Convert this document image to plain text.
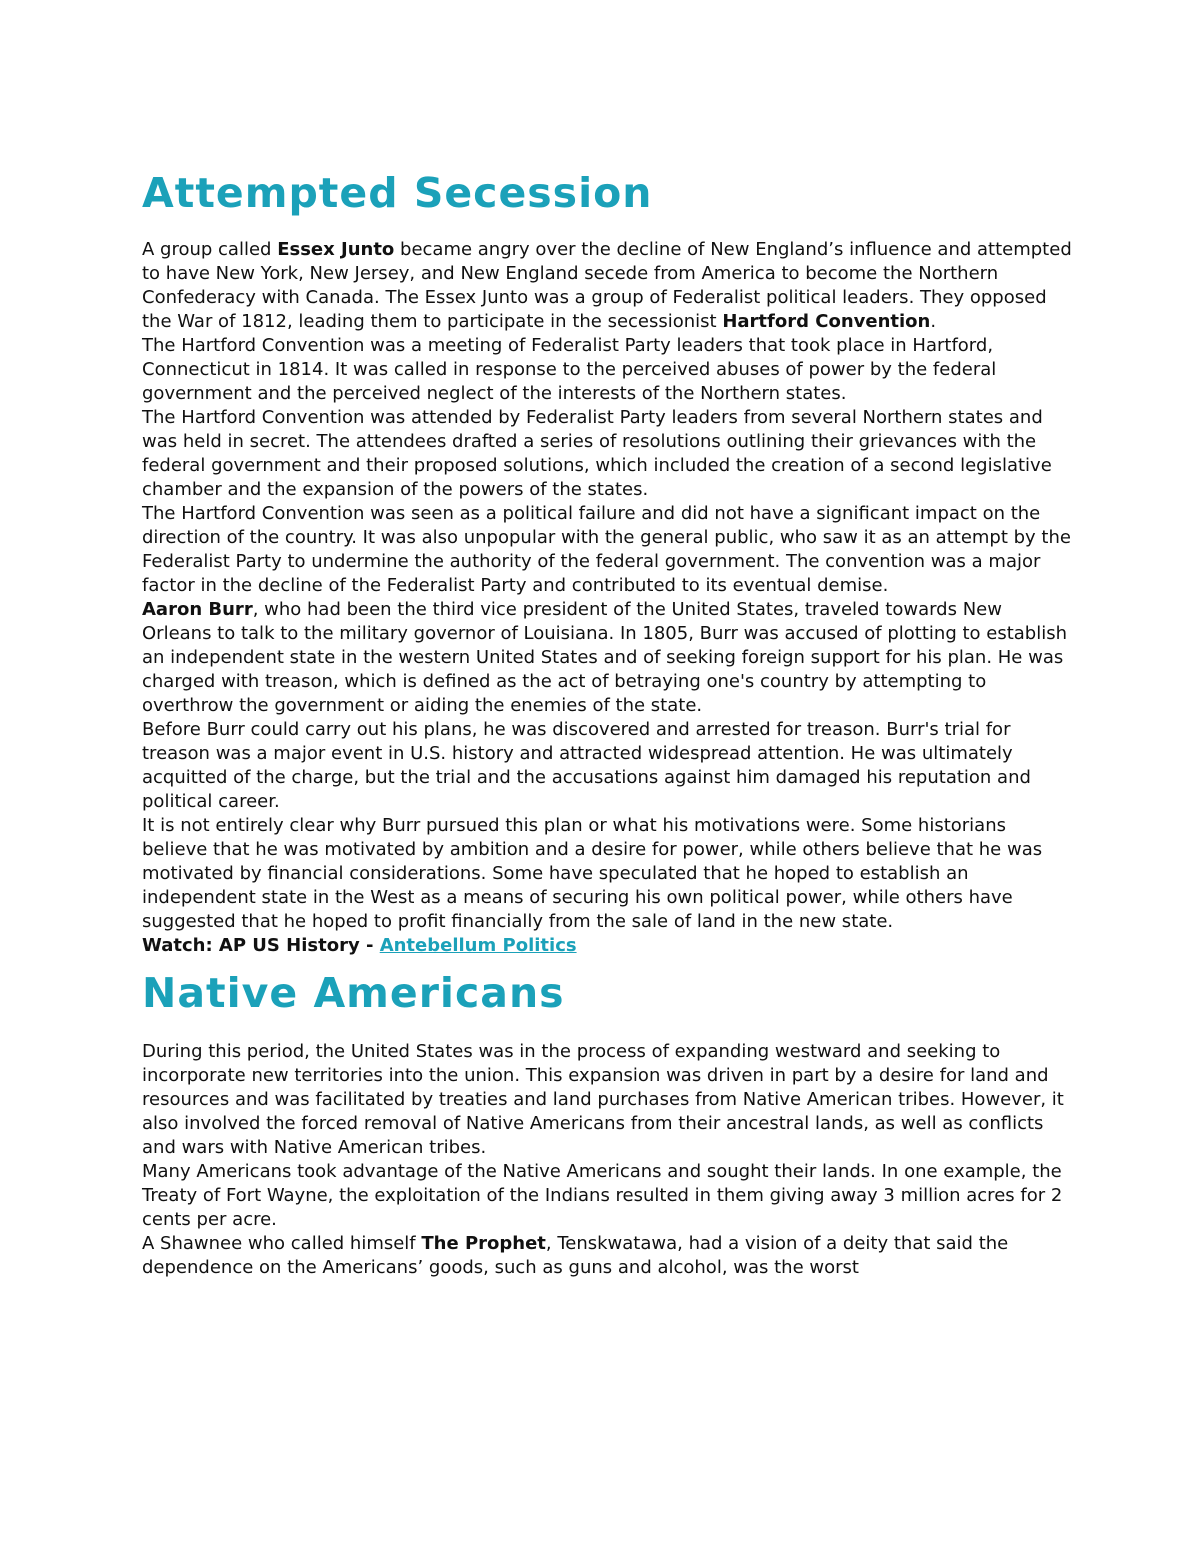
Attempted Secession

A group called Essex Junto became angry over the decline of New England’s influence and attempted to have New York, New Jersey, and New England secede from America to become the Northern Confederacy with Canada. The Essex Junto was a group of Federalist political leaders. They opposed the War of 1812, leading them to participate in the secessionist Hartford Convention.

The Hartford Convention was a meeting of Federalist Party leaders that took place in Hartford, Connecticut in 1814. It was called in response to the perceived abuses of power by the federal government and the perceived neglect of the interests of the Northern states.

The Hartford Convention was attended by Federalist Party leaders from several Northern states and was held in secret. The attendees drafted a series of resolutions outlining their grievances with the federal government and their proposed solutions, which included the creation of a second legislative chamber and the expansion of the powers of the states.

The Hartford Convention was seen as a political failure and did not have a significant impact on the direction of the country. It was also unpopular with the general public, who saw it as an attempt by the Federalist Party to undermine the authority of the federal government. The convention was a major factor in the decline of the Federalist Party and contributed to its eventual demise.

Aaron Burr, who had been the third vice president of the United States, traveled towards New Orleans to talk to the military governor of Louisiana. In 1805, Burr was accused of plotting to establish an independent state in the western United States and of seeking foreign support for his plan. He was charged with treason, which is defined as the act of betraying one's country by attempting to overthrow the government or aiding the enemies of the state.

Before Burr could carry out his plans, he was discovered and arrested for treason. Burr's trial for treason was a major event in U.S. history and attracted widespread attention. He was ultimately acquitted of the charge, but the trial and the accusations against him damaged his reputation and political career.

It is not entirely clear why Burr pursued this plan or what his motivations were. Some historians believe that he was motivated by ambition and a desire for power, while others believe that he was motivated by financial considerations. Some have speculated that he hoped to establish an independent state in the West as a means of securing his own political power, while others have suggested that he hoped to profit financially from the sale of land in the new state.

Watch: AP US History - Antebellum Politics

Native Americans

During this period, the United States was in the process of expanding westward and seeking to incorporate new territories into the union. This expansion was driven in part by a desire for land and resources and was facilitated by treaties and land purchases from Native American tribes. However, it also involved the forced removal of Native Americans from their ancestral lands, as well as conflicts and wars with Native American tribes.

Many Americans took advantage of the Native Americans and sought their lands. In one example, the Treaty of Fort Wayne, the exploitation of the Indians resulted in them giving away 3 million acres for 2 cents per acre.

A Shawnee who called himself The Prophet, Tenskwatawa, had a vision of a deity that said the dependence on the Americans’ goods, such as guns and alcohol, was the worst
